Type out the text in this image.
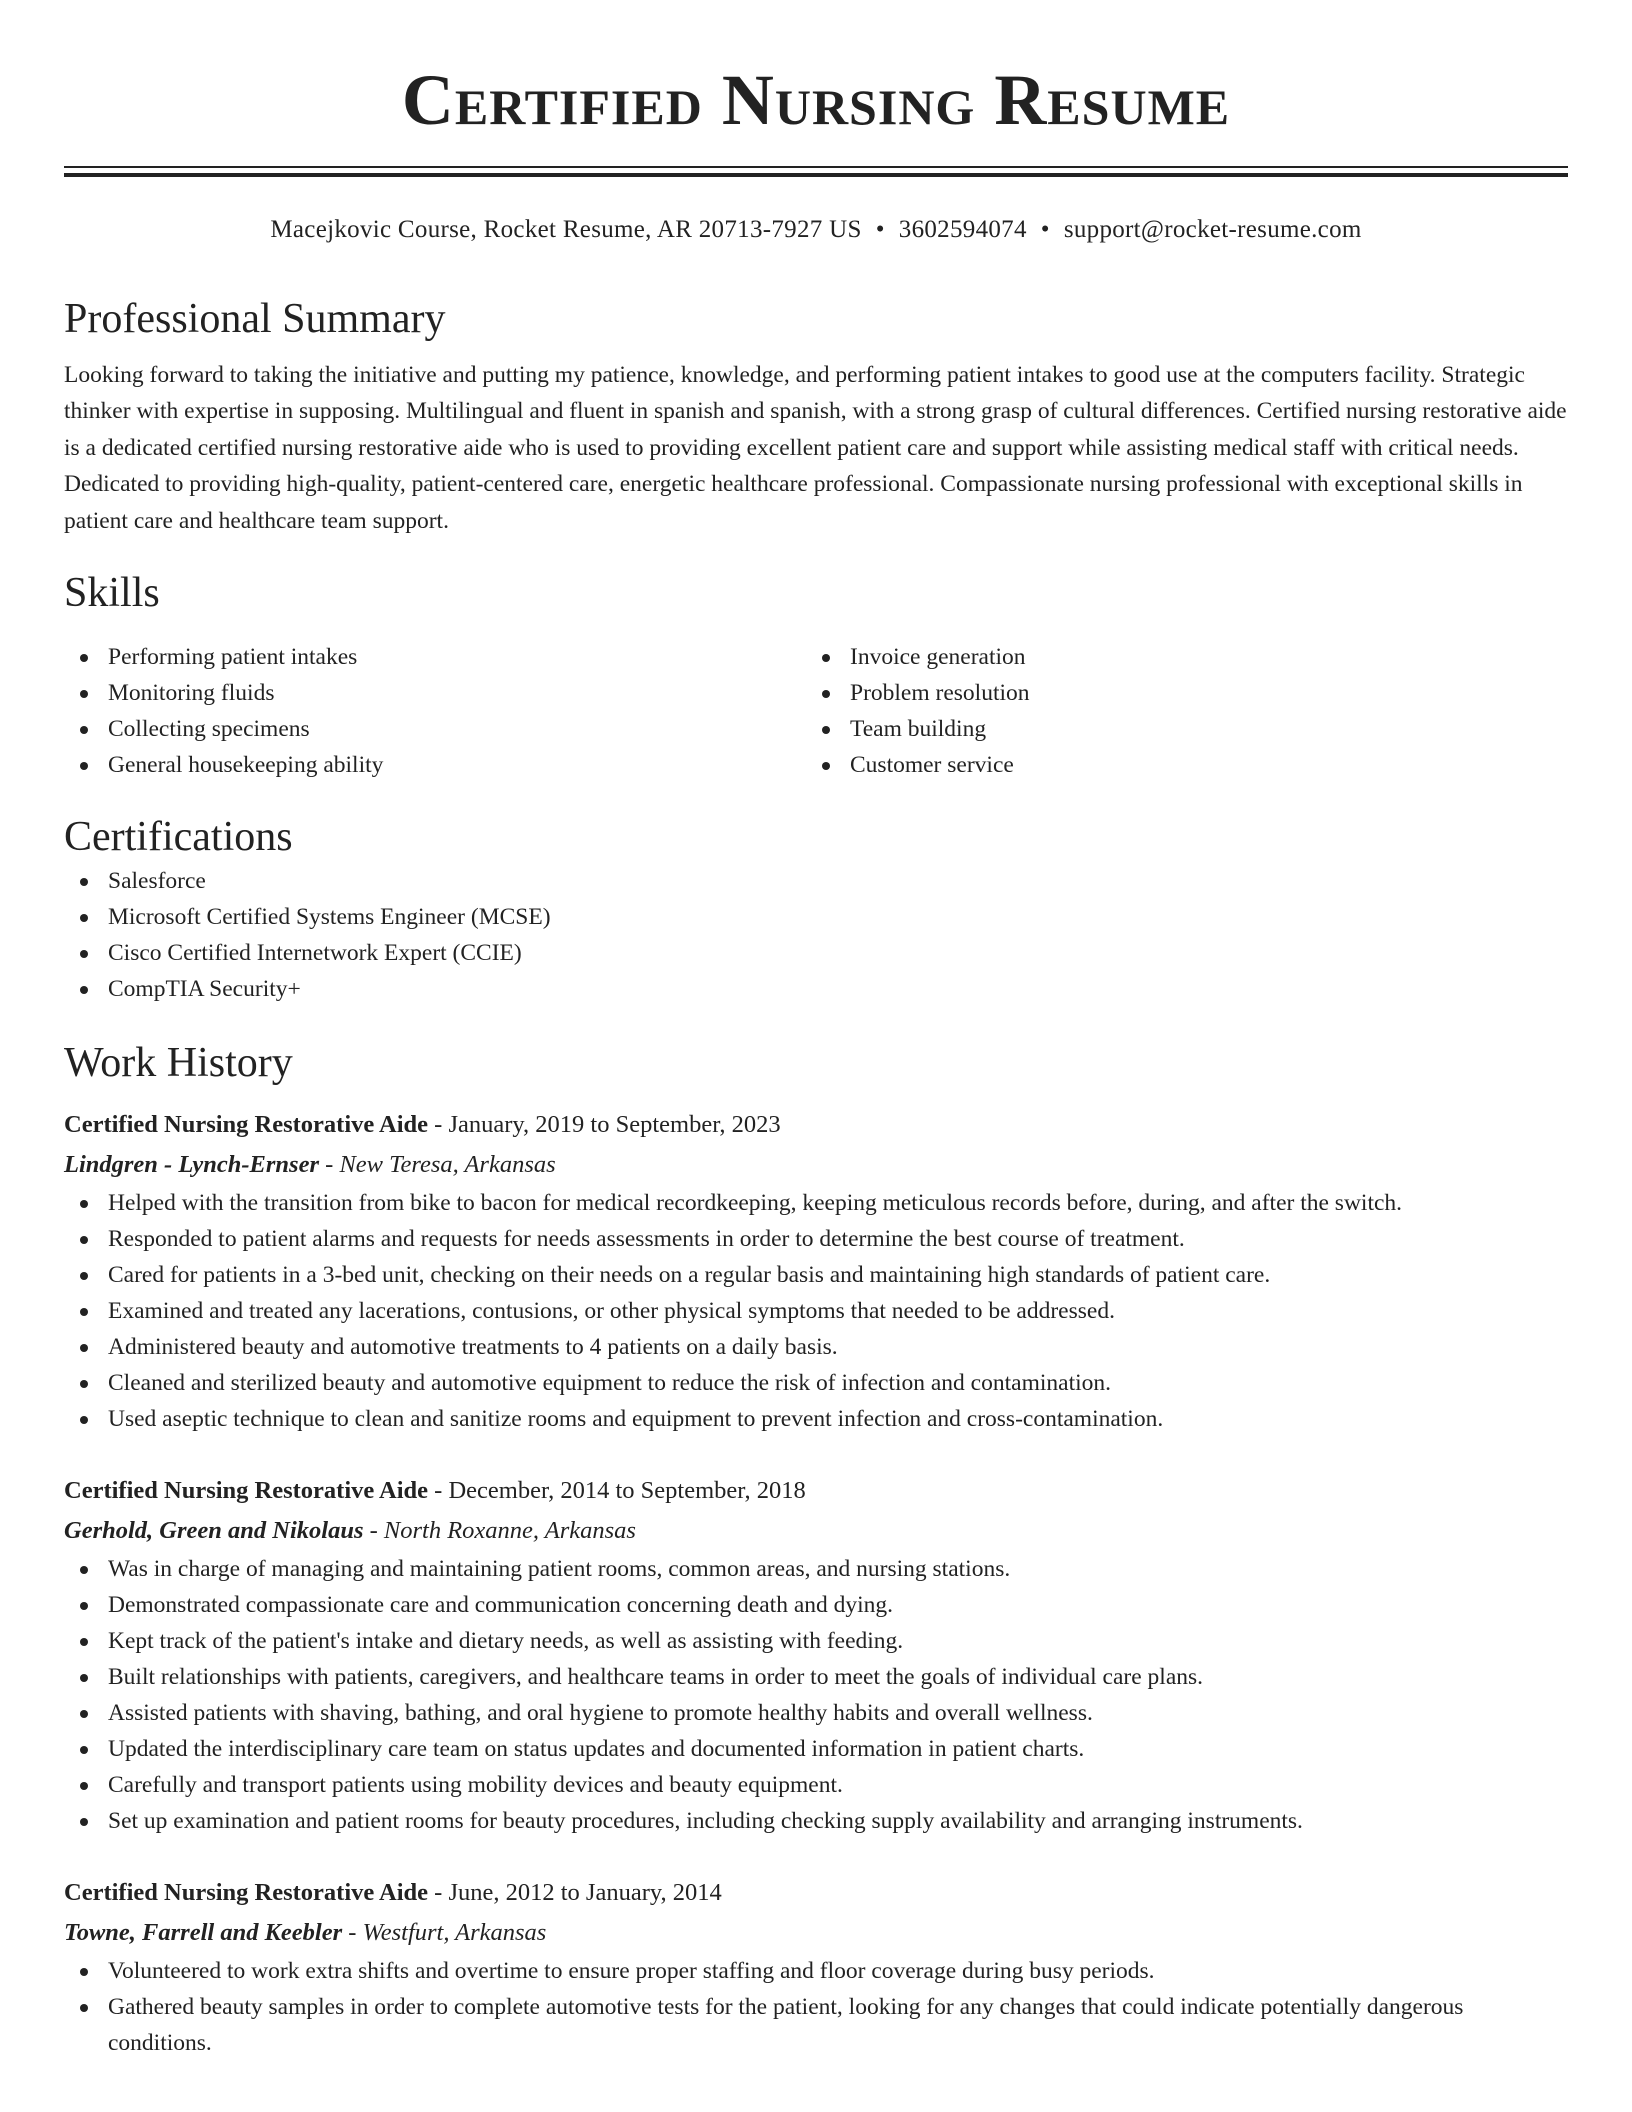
Certified Nursing Resume
Macejkovic Course, Rocket Resume, AR 20713-7927 US • 3602594074 • support@rocket-resume.com
Professional Summary

Looking forward to taking the initiative and putting my patience, knowledge, and performing patient intakes to good use at the computers facility. Strategic thinker with expertise in supposing. Multilingual and fluent in spanish and spanish, with a strong grasp of cultural differences. Certified nursing restorative aide is a dedicated certified nursing restorative aide who is used to providing excellent patient care and support while assisting medical staff with critical needs. Dedicated to providing high-quality, patient-centered care, energetic healthcare professional. Compassionate nursing professional with exceptional skills in patient care and healthcare team support.

Skills
Performing patient intakes
Monitoring fluids
Collecting specimens
General housekeeping ability
Invoice generation
Problem resolution
Team building
Customer service
Certifications
Salesforce
Microsoft Certified Systems Engineer (MCSE)
Cisco Certified Internetwork Expert (CCIE)
CompTIA Security+
Work History
Certified Nursing Restorative Aide - January, 2019 to September, 2023
Lindgren - Lynch-Ernser - New Teresa, Arkansas
Helped with the transition from bike to bacon for medical recordkeeping, keeping meticulous records before, during, and after the switch.
Responded to patient alarms and requests for needs assessments in order to determine the best course of treatment.
Cared for patients in a 3-bed unit, checking on their needs on a regular basis and maintaining high standards of patient care.
Examined and treated any lacerations, contusions, or other physical symptoms that needed to be addressed.
Administered beauty and automotive treatments to 4 patients on a daily basis.
Cleaned and sterilized beauty and automotive equipment to reduce the risk of infection and contamination.
Used aseptic technique to clean and sanitize rooms and equipment to prevent infection and cross-contamination.
Certified Nursing Restorative Aide - December, 2014 to September, 2018
Gerhold, Green and Nikolaus - North Roxanne, Arkansas
Was in charge of managing and maintaining patient rooms, common areas, and nursing stations.
Demonstrated compassionate care and communication concerning death and dying.
Kept track of the patient's intake and dietary needs, as well as assisting with feeding.
Built relationships with patients, caregivers, and healthcare teams in order to meet the goals of individual care plans.
Assisted patients with shaving, bathing, and oral hygiene to promote healthy habits and overall wellness.
Updated the interdisciplinary care team on status updates and documented information in patient charts.
Carefully and transport patients using mobility devices and beauty equipment.
Set up examination and patient rooms for beauty procedures, including checking supply availability and arranging instruments.
Certified Nursing Restorative Aide - June, 2012 to January, 2014
Towne, Farrell and Keebler - Westfurt, Arkansas
Volunteered to work extra shifts and overtime to ensure proper staffing and floor coverage during busy periods.
Gathered beauty samples in order to complete automotive tests for the patient, looking for any changes that could indicate potentially dangerous conditions.
